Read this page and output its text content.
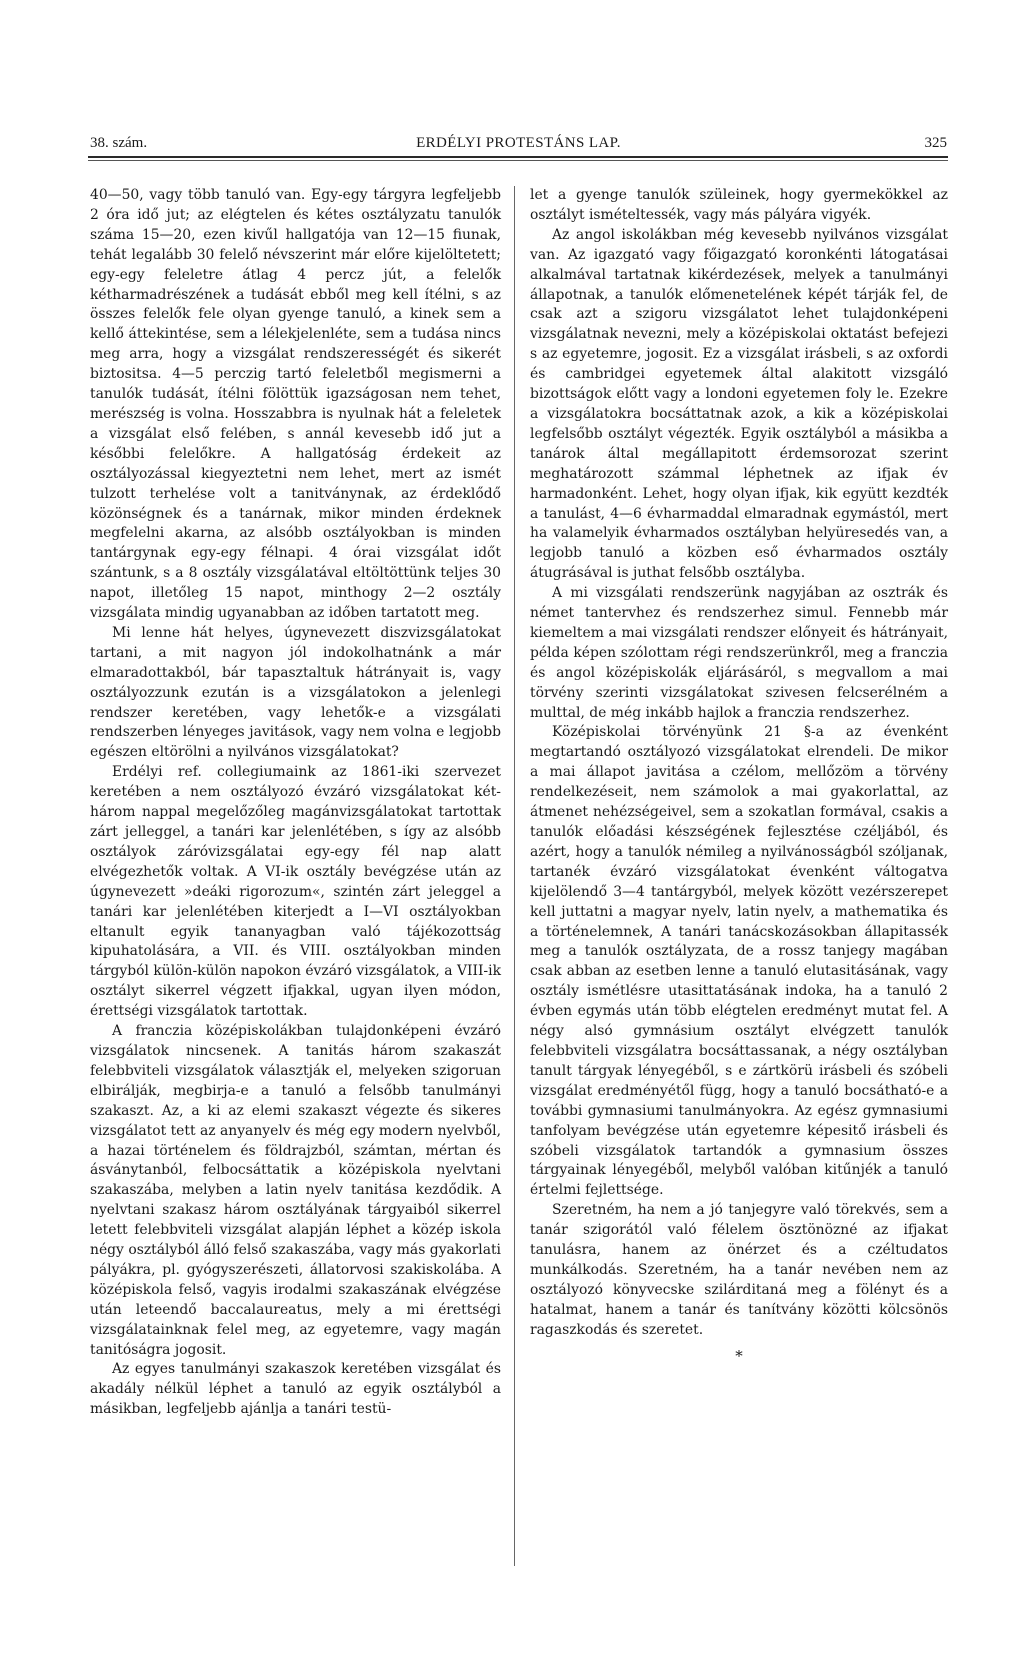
38. szám.	ERDÉLYI PROTESTÁNS LAP.	325

40—50, vagy több tanuló van. Egy-egy tárgyra legfeljebb 2 óra idő jut; az elégtelen és kétes osztályzatu tanulók száma 15—20, ezen kivűl hallgatója van 12—15 fiunak, tehát legalább 30 felelő névszerint már előre kijelöltetett; egy-egy feleletre átlag 4 percz jút, a felelők kétharmadrészének a tudását ebből meg kell ítélni, s az összes felelők fele olyan gyenge tanuló, a kinek sem a kellő áttekintése, sem a lélekjelenléte, sem a tudása nincs meg arra, hogy a vizsgálat rendszerességét és sikerét biztositsa. 4—5 perczig tartó feleletből megismerni a tanulók tudását, ítélni fölöttük igazságosan nem tehet, merészség is volna. Hosszabbra is nyulnak hát a feleletek a vizsgálat első felében, s annál kevesebb idő jut a későbbi felelőkre. A hallgatóság érdekeit az osztályozással kiegyeztetni nem lehet, mert az ismét tulzott terhelése volt a tanitványnak, az érdeklődő közönségnek és a tanárnak, mikor minden érdeknek megfelelni akarna, az alsóbb osztályokban is minden tantárgynak egy-egy félnapi. 4 órai vizsgálat időt szántunk, s a 8 osztály vizsgálatával eltöltöttünk teljes 30 napot, illetőleg 15 napot, minthogy 2—2 osztály vizsgálata mindig ugyanabban az időben tartatott meg.

Mi lenne hát helyes, úgynevezett diszvizsgálatokat tartani, a mit nagyon jól indokolhatnánk a már elmaradottakból, bár tapasztaltuk hátrányait is, vagy osztályozzunk ezután is a vizsgálatokon a jelenlegi rendszer keretében, vagy lehetők-e a vizsgálati rendszerben lényeges javitások, vagy nem volna e legjobb egészen eltörölni a nyilvános vizsgálatokat?

Erdélyi ref. collegiumaink az 1861-iki szervezet keretében a nem osztályozó évzáró vizsgálatokat két-három nappal megelőzőleg magánvizsgálatokat tartottak zárt jelleggel, a tanári kar jelenlétében, s így az alsóbb osztályok záróvizsgálatai egy-egy fél nap alatt elvégezhetők voltak. A VI-ik osztály bevégzése után az úgynevezett »deáki rigorozum«, szintén zárt jeleggel a tanári kar jelenlétében kiterjedt a I—VI osztályokban eltanult egyik tananyagban való tájékozottság kipuhatolására, a VII. és VIII. osztályokban minden tárgyból külön-külön napokon évzáró vizsgálatok, a VIII-ik osztályt sikerrel végzett ifjakkal, ugyan ilyen módon, érettségi vizsgálatok tartottak.

A franczia középiskolákban tulajdonképeni évzáró vizsgálatok nincsenek. A tanitás három szakaszát felebbviteli vizsgálatok választják el, melyeken szigoruan elbirálják, megbirja-e a tanuló a felsőbb tanulmányi szakaszt. Az, a ki az elemi szakaszt végezte és sikeres vizsgálatot tett az anyanyelv és még egy modern nyelvből, a hazai történelem és földrajzból, számtan, mértan és ásványtanból, felbocsáttatik a középiskola nyelvtani szakaszába, melyben a latin nyelv tanitása kezdődik. A nyelvtani szakasz három osztályának tárgyaiból sikerrel letett felebbviteli vizsgálat alapján léphet a közép iskola négy osztályból álló felső szakaszába, vagy más gyakorlati pályákra, pl. gyógyszerészeti, állatorvosi szakiskolába. A középiskola felső, vagyis irodalmi szakaszának elvégzése után leteendő baccalaureatus, mely a mi érettségi vizsgálatainknak felel meg, az egyetemre, vagy magán tanitóságra jogosit.

Az egyes tanulmányi szakaszok keretében vizsgálat és akadály nélkül léphet a tanuló az egyik osztályból a másikban, legfeljebb ajánlja a tanári testü-

let a gyenge tanulók szüleinek, hogy gyermekökkel az osztályt ismételtessék, vagy más pályára vigyék.

Az angol iskolákban még kevesebb nyilvános vizsgálat van. Az igazgató vagy főigazgató koronkénti látogatásai alkalmával tartatnak kikérdezések, melyek a tanulmányi állapotnak, a tanulók előmenetelének képét tárják fel, de csak azt a szigoru vizsgálatot lehet tulajdonképeni vizsgálatnak nevezni, mely a középiskolai oktatást befejezi s az egyetemre, jogosit. Ez a vizsgálat irásbeli, s az oxfordi és cambridgei egyetemek által alakitott vizsgáló bizottságok előtt vagy a londoni egyetemen foly le. Ezekre a vizsgálatokra bocsáttatnak azok, a kik a középiskolai legfelsőbb osztályt végezték. Egyik osztályból a másikba a tanárok által megállapitott érdemsorozat szerint meghatározott számmal léphetnek az ifjak év harmadonként. Lehet, hogy olyan ifjak, kik együtt kezdték a tanulást, 4—6 évharmaddal elmaradnak egymástól, mert ha valamelyik évharmados osztályban helyüresedés van, a legjobb tanuló a közben eső évharmados osztály átugrásával is juthat felsőbb osztályba.

A mi vizsgálati rendszerünk nagyjában az osztrák és német tantervhez és rendszerhez simul. Fennebb már kiemeltem a mai vizsgálati rendszer előnyeit és hátrányait, példa képen szólottam régi rendszerünkről, meg a franczia és angol középiskolák eljárásáról, s megvallom a mai törvény szerinti vizsgálatokat szivesen felcserélném a multtal, de még inkább hajlok a franczia rendszerhez.

Középiskolai törvényünk 21 §-a az évenként megtartandó osztályozó vizsgálatokat elrendeli. De mikor a mai állapot javitása a czélom, mellőzöm a törvény rendelkezéseit, nem számolok a mai gyakorlattal, az átmenet nehézségeivel, sem a szokatlan formával, csakis a tanulók előadási készségének fejlesztése czéljából, és azért, hogy a tanulók némileg a nyilvánosságból szóljanak, tartanék évzáró vizsgálatokat évenként váltogatva kijelölendő 3—4 tantárgyból, melyek között vezérszerepet kell juttatni a magyar nyelv, latin nyelv, a mathematika és a történelemnek, A tanári tanácskozásokban állapitassék meg a tanulók osztályzata, de a rossz tanjegy magában csak abban az esetben lenne a tanuló elutasitásának, vagy osztály ismétlésre utasittatásának indoka, ha a tanuló 2 évben egymás után több elégtelen eredményt mutat fel. A négy alsó gymnásium osztályt elvégzett tanulók felebbviteli vizsgálatra bocsáttassanak, a négy osztályban tanult tárgyak lényegéből, s e zártkörü irásbeli és szóbeli vizsgálat eredményétől függ, hogy a tanuló bocsátható-e a további gymnasiumi tanulmányokra. Az egész gymnasiumi tanfolyam bevégzése után egyetemre képesitő irásbeli és szóbeli vizsgálatok tartandók a gymnasium összes tárgyainak lényegéből, melyből valóban kitűnjék a tanuló értelmi fejlettsége.

Szeretném, ha nem a jó tanjegyre való törekvés, sem a tanár szigorától való félelem ösztönözné az ifjakat tanulásra, hanem az önérzet és a czéltudatos munkálkodás. Szeretném, ha a tanár nevében nem az osztályozó könyvecske szilárditaná meg a fölényt és a hatalmat, hanem a tanár és tanítvány közötti kölcsönös ragaszkodás és szeretet.

*
